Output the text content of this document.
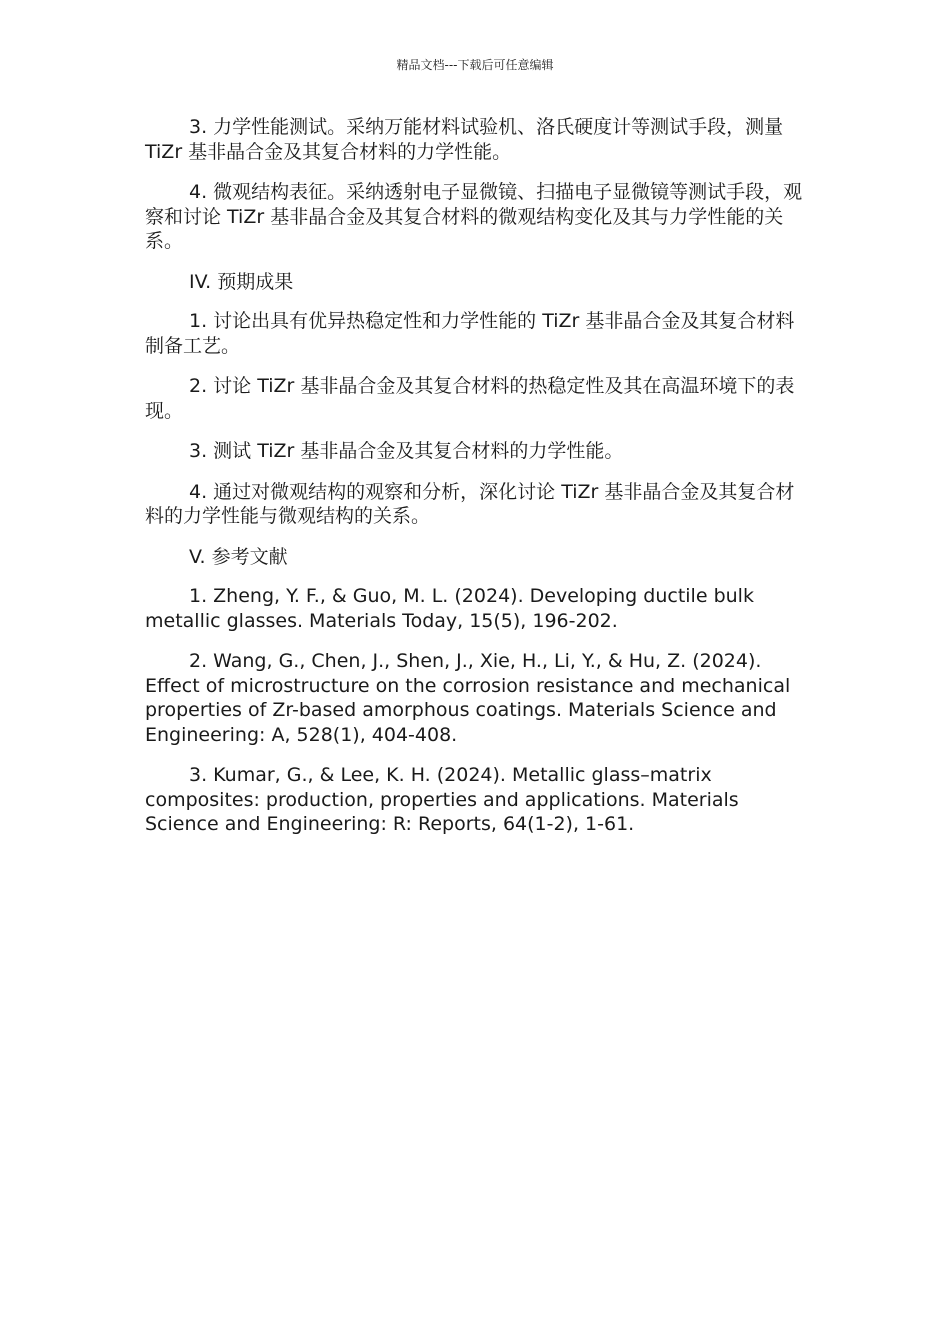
精品文档---下载后可任意编辑

3. 力学性能测试。采纳万能材料试验机、洛氏硬度计等测试手段，测量 TiZr 基非晶合金及其复合材料的力学性能。

4. 微观结构表征。采纳透射电子显微镜、扫描电子显微镜等测试手段，观察和讨论 TiZr 基非晶合金及其复合材料的微观结构变化及其与力学性能的关系。

IV. 预期成果

1. 讨论出具有优异热稳定性和力学性能的 TiZr 基非晶合金及其复合材料制备工艺。

2. 讨论 TiZr 基非晶合金及其复合材料的热稳定性及其在高温环境下的表现。

3. 测试 TiZr 基非晶合金及其复合材料的力学性能。

4. 通过对微观结构的观察和分析，深化讨论 TiZr 基非晶合金及其复合材料的力学性能与微观结构的关系。

V. 参考文献

1. Zheng, Y. F., & Guo, M. L. (2024). Developing ductile bulk metallic glasses. Materials Today, 15(5), 196-202.

2. Wang, G., Chen, J., Shen, J., Xie, H., Li, Y., & Hu, Z. (2024). Effect of microstructure on the corrosion resistance and mechanical properties of Zr-based amorphous coatings. Materials Science and Engineering: A, 528(1), 404-408.

3. Kumar, G., & Lee, K. H. (2024). Metallic glass–matrix composites: production, properties and applications. Materials Science and Engineering: R: Reports, 64(1-2), 1-61.
